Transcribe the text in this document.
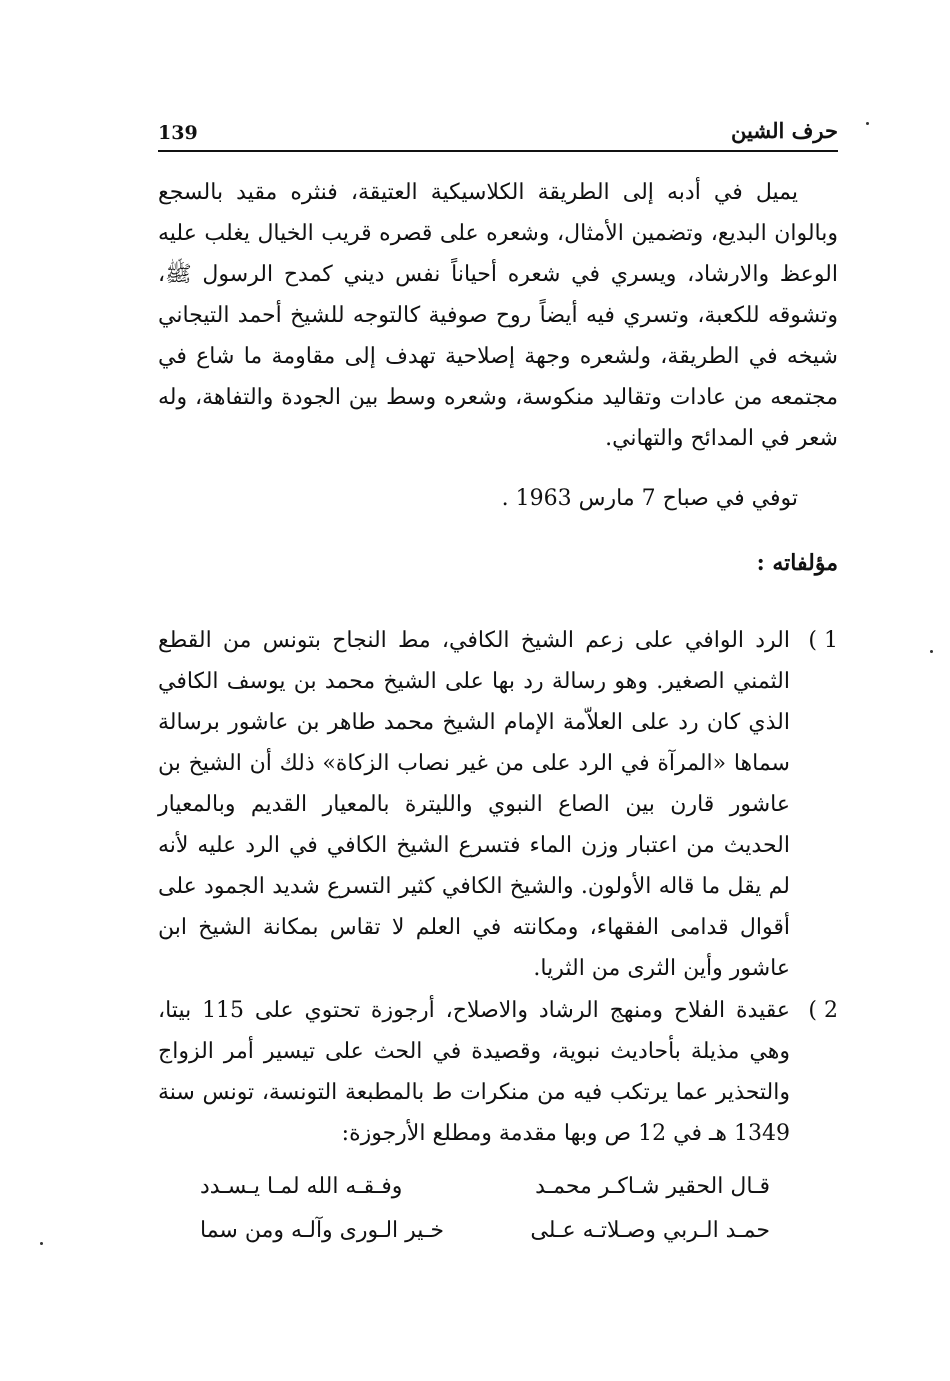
139	حرف الشين

يميل في أدبه إلى الطريقة الكلاسيكية العتيقة، فنثره مقيد بالسجع وبالوان البديع، وتضمين الأمثال، وشعره على قصره قريب الخيال يغلب عليه الوعظ والارشاد، ويسري في شعره أحياناً نفس ديني كمدح الرسول ﷺ، وتشوقه للكعبة، وتسري فيه أيضاً روح صوفية كالتوجه للشيخ أحمد التيجاني شيخه في الطريقة، ولشعره وجهة إصلاحية تهدف إلى مقاومة ما شاع في مجتمعه من عادات وتقاليد منكوسة، وشعره وسط بين الجودة والتفاهة، وله شعر في المدائح والتهاني.

توفي في صباح 7 مارس 1963 .

مؤلفاته :
1 )
الرد الوافي على زعم الشيخ الكافي، مط النجاح بتونس من القطع الثمني الصغير. وهو رسالة رد بها على الشيخ محمد بن يوسف الكافي الذي كان رد على العلاّمة الإمام الشيخ محمد طاهر بن عاشور برسالة سماها «المرآة في الرد على من غير نصاب الزكاة» ذلك أن الشيخ بن عاشور قارن بين الصاع النبوي والليترة بالمعيار القديم وبالمعيار الحديث من اعتبار وزن الماء فتسرع الشيخ الكافي في الرد عليه لأنه لم يقل ما قاله الأولون. والشيخ الكافي كثير التسرع شديد الجمود على أقوال قدامى الفقهاء، ومكانته في العلم لا تقاس بمكانة الشيخ ابن عاشور وأين الثرى من الثريا.
2 )
عقيدة الفلاح ومنهج الرشاد والاصلاح، أرجوزة تحتوي على 115 بيتا، وهي مذيلة بأحاديث نبوية، وقصيدة في الحث على تيسير أمر الزواج والتحذير عما يرتكب فيه من منكرات ط بالمطبعة التونسة، تونس سنة 1349 هـ في 12 ص وبها مقدمة ومطلع الأرجوزة:
قـال الحقير شـاكـر محمـد
وفـقـه الله لمـا يـسـدد
حمـد الـربي وصـلاتـه عـلى
خـير الـورى وآلـه ومن سما
